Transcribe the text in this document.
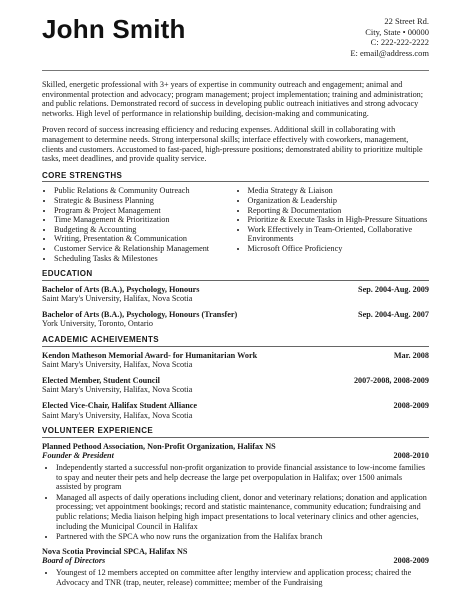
John Smith	22 Street Rd.
City, State • 00000
C: 222-222-2222
E: email@address.com

Skilled, energetic professional with 3+ years of expertise in community outreach and engagement; animal and environmental protection and advocacy; program management; project implementation; training and administration; and public relations. Demonstrated record of success in developing public outreach initiatives and strong advocacy networks. High level of performance in relationship building, decision-making and communicating.

Proven record of success increasing efficiency and reducing expenses. Additional skill in collaborating with management to determine needs. Strong interpersonal skills; interface effectively with coworkers, management, clients and customers. Accustomed to fast-paced, high-pressure positions; demonstrated ability to prioritize multiple tasks, meet deadlines, and provide quality service.

CORE STRENGTHS
• Public Relations & Community Outreach
• Strategic & Business Planning
• Program & Project Management
• Time Management & Prioritization
• Budgeting & Accounting
• Writing, Presentation & Communication
• Customer Service & Relationship Management
• Scheduling Tasks & Milestones
• Media Strategy & Liaison
• Organization & Leadership
• Reporting & Documentation
• Prioritize & Execute Tasks in High-Pressure Situations
• Work Effectively in Team-Oriented, Collaborative Environments
• Microsoft Office Proficiency
EDUCATION
Bachelor of Arts (B.A.), Psychology, Honours	Sep. 2004-Aug. 2009
Saint Mary's University, Halifax, Nova Scotia
Bachelor of Arts (B.A.), Psychology, Honours (Transfer)	Sep. 2004-Aug. 2007
York University, Toronto, Ontario
ACADEMIC ACHEIVEMENTS
Kendon Matheson Memorial Award- for Humanitarian Work	Mar. 2008
Saint Mary's University, Halifax, Nova Scotia
Elected Member, Student Council	2007-2008, 2008-2009
Saint Mary's University, Halifax, Nova Scotia
Elected Vice-Chair, Halifax Student Alliance	2008-2009
Saint Mary's University, Halifax, Nova Scotia
VOLUNTEER EXPERIENCE
Planned Pethood Association, Non-Profit Organization, Halifax NS
Founder & President	2008-2010
• Independently started a successful non-profit organization to provide financial assistance to low-income families to spay and neuter their pets and help decrease the large pet overpopulation in Halifax; over 1500 animals assisted by program
• Managed all aspects of daily operations including client, donor and veterinary relations; donation and application processing; vet appointment bookings; record and statistic maintenance, community education; fundraising and public relations; Media liaison helping high impact presentations to local veterinary clinics and other agencies, including the Municipal Council in Halifax
• Partnered with the SPCA who now runs the organization from the Halifax branch
Nova Scotia Provincial SPCA, Halifax NS
Board of Directors	2008-2009
• Youngest of 12 members accepted on committee after lengthy interview and application process; chaired the Advocacy and TNR (trap, neuter, release) committee; member of the Fundraising
